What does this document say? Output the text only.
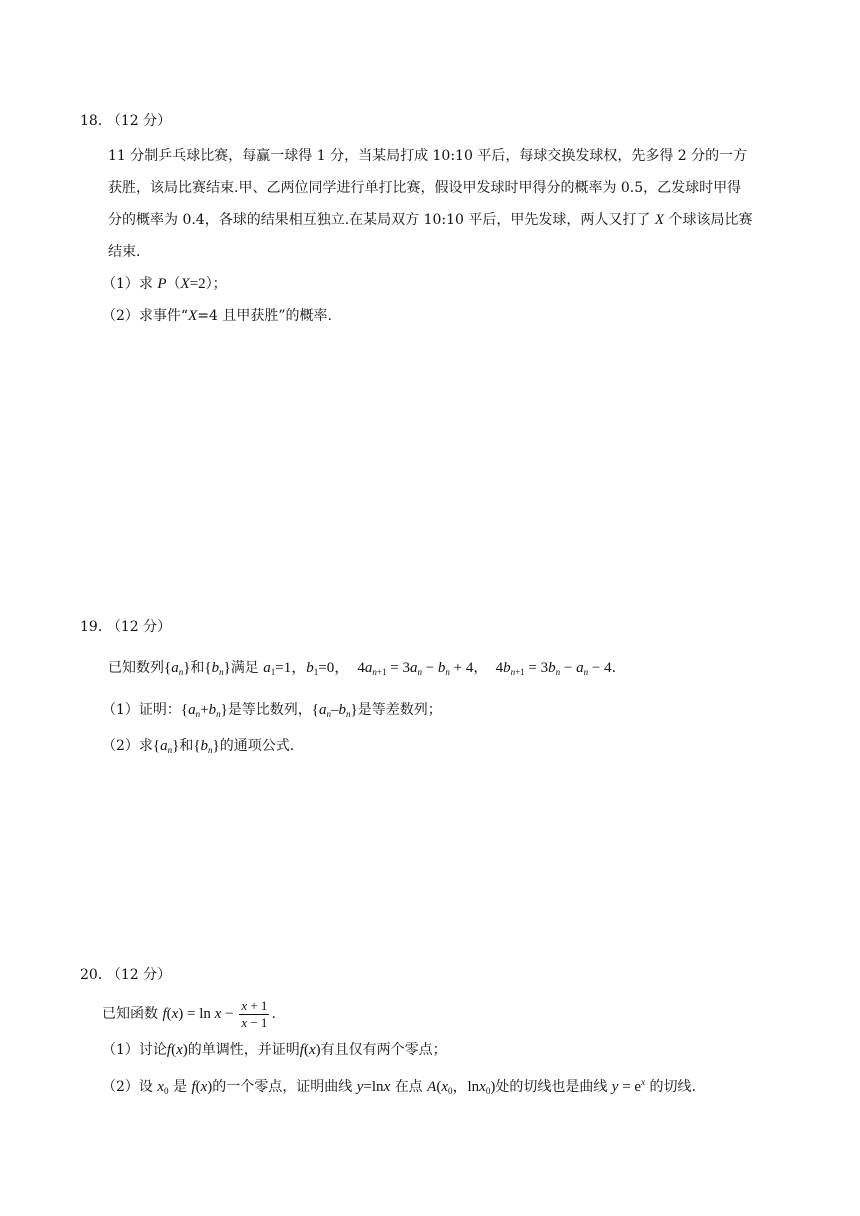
18． （12 分）
11 分制乒乓球比赛，每赢一球得 1 分，当某局打成 10:10 平后，每球交换发球权，先多得 2 分的一方
获胜，该局比赛结束.甲、乙两位同学进行单打比赛，假设甲发球时甲得分的概率为 0.5，乙发球时甲得
分的概率为 0.4，各球的结果相互独立.在某局双方 10:10 平后，甲先发球，两人又打了 X 个球该局比赛
结束.
（1）求 P（X=2）；
（2）求事件“X=4 且甲获胜”的概率.
19． （12 分）
已知数列$\{a_n\}$和$\{b_n\}$满足 $a_1=1$，$b_1=0$，  $4a_{n+1} = 3a_n - b_n + 4$，  $4b_{n+1} = 3b_n - a_n - 4$.
（1）证明：$\{a_n+b_n\}$是等比数列，$\{a_n-b_n\}$是等差数列；
（2）求$\{a_n\}$和$\{b_n\}$的通项公式.
20． （12 分）
已知函数 $f(x) = \ln x - \frac{x + 1}{x - 1}$ .
（1）讨论f(x)的单调性，并证明f(x)有且仅有两个零点；
（2）设 $x_0$ 是 f(x)的一个零点，证明曲线 y=lnx 在点 $A(x_0$，lnx$_0$)处的切线也是曲线 $y = e^x$ 的切线.
